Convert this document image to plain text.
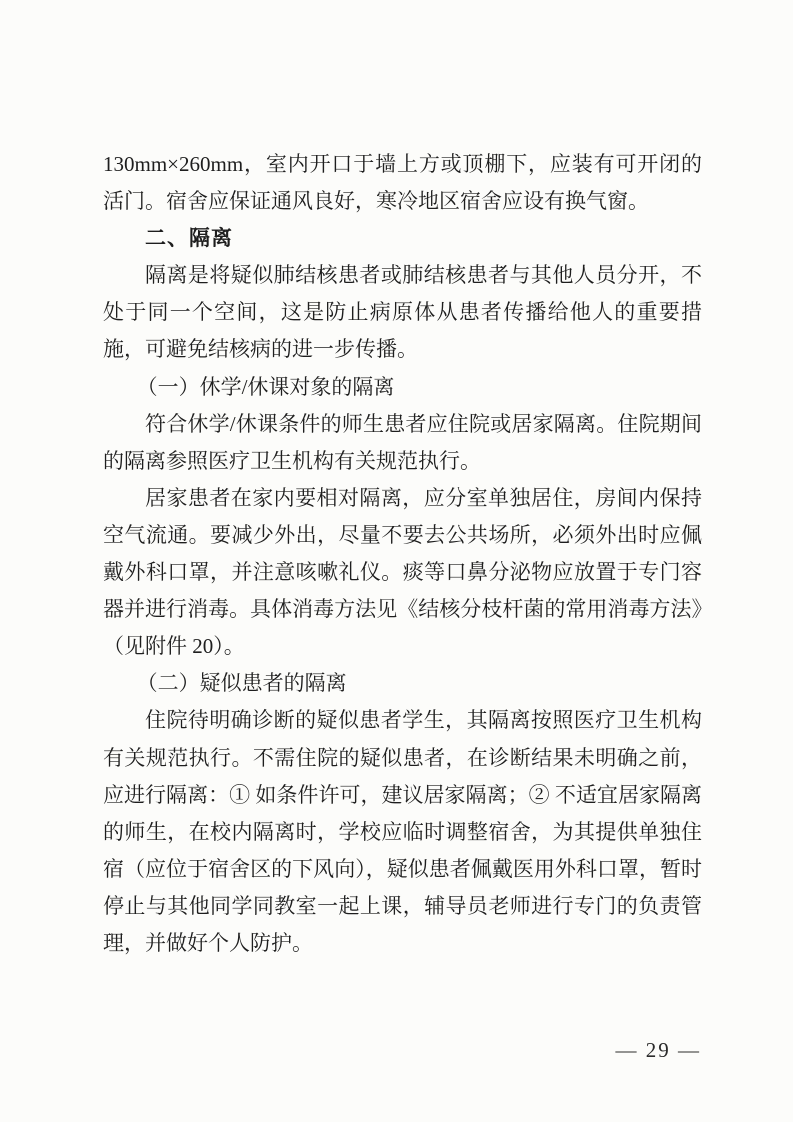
130mm×260mm，室内开口于墙上方或顶棚下，应装有可开闭的活门。宿舍应保证通风良好，寒冷地区宿舍应设有换气窗。

二、隔离

隔离是将疑似肺结核患者或肺结核患者与其他人员分开，不处于同一个空间，这是防止病原体从患者传播给他人的重要措施，可避免结核病的进一步传播。

（一）休学/休课对象的隔离

符合休学/休课条件的师生患者应住院或居家隔离。住院期间的隔离参照医疗卫生机构有关规范执行。

居家患者在家内要相对隔离，应分室单独居住，房间内保持空气流通。要减少外出，尽量不要去公共场所，必须外出时应佩戴外科口罩，并注意咳嗽礼仪。痰等口鼻分泌物应放置于专门容器并进行消毒。具体消毒方法见《结核分枝杆菌的常用消毒方法》（见附件 20）。

（二）疑似患者的隔离

住院待明确诊断的疑似患者学生，其隔离按照医疗卫生机构有关规范执行。不需住院的疑似患者，在诊断结果未明确之前，应进行隔离：① 如条件许可，建议居家隔离；② 不适宜居家隔离的师生，在校内隔离时，学校应临时调整宿舍，为其提供单独住宿（应位于宿舍区的下风向），疑似患者佩戴医用外科口罩，暂时停止与其他同学同教室一起上课，辅导员老师进行专门的负责管理，并做好个人防护。

— 29 —
